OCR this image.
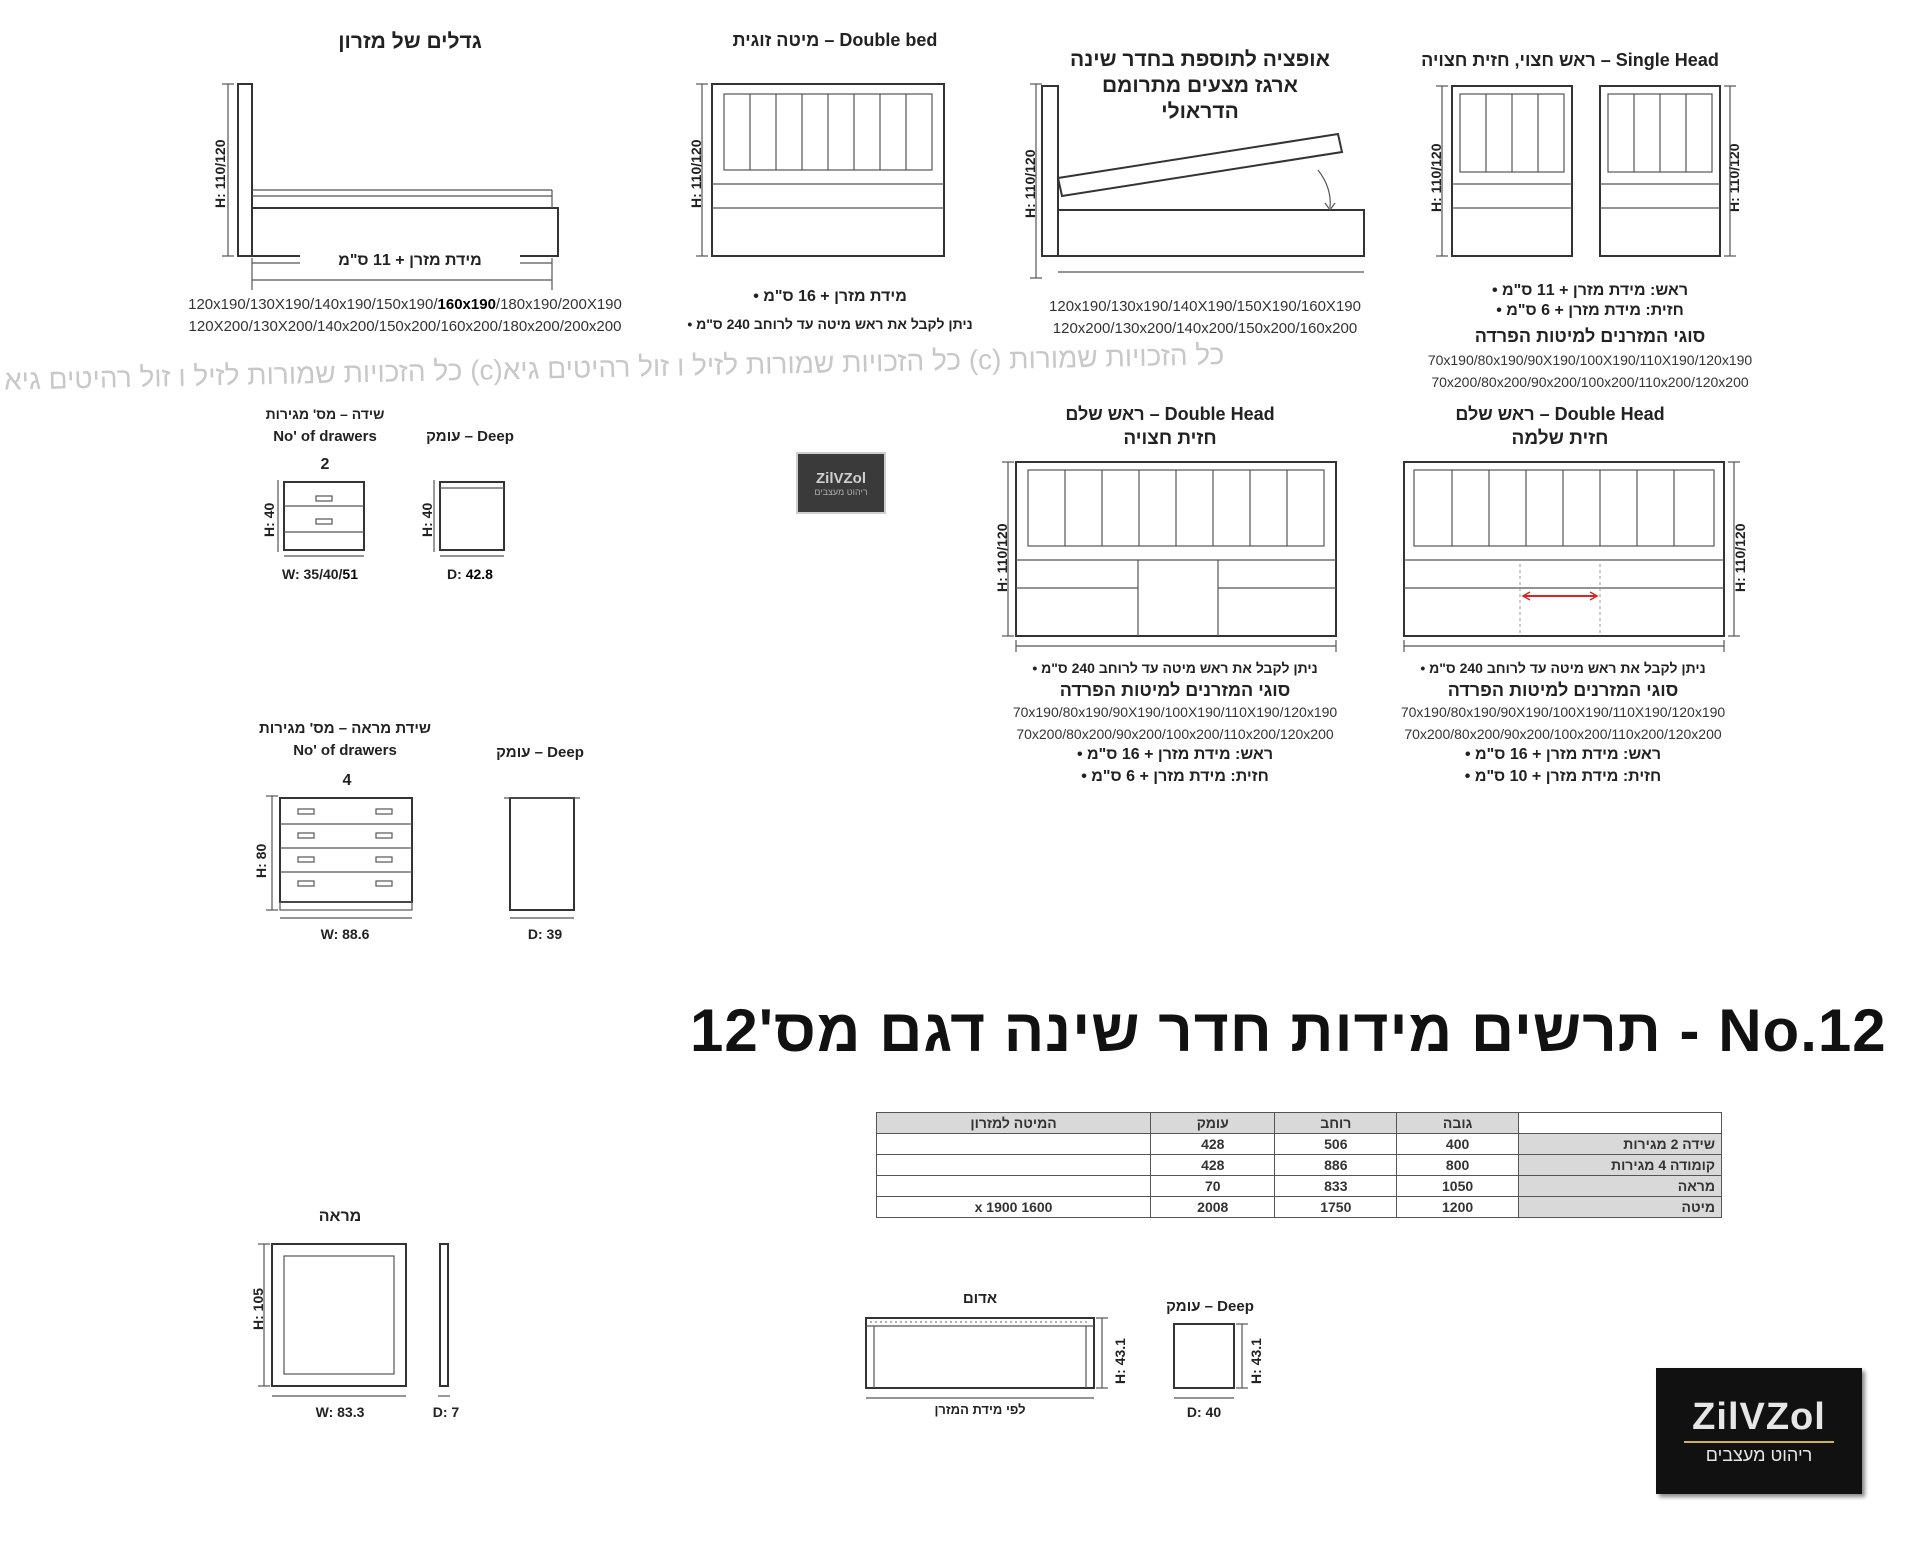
כל הזכויות שמורות לזיל ו זול רהיטים גיא (c)כל הזכויות שמורות לזיל ו זול רהיטים גיא (c) כל הזכויות שמורות
גדלים של מזרון
H: 110/120
מידת מזרן + 11 ס"מ
120x190/130X190/140x190/150x190/160x190/180x190/200X190
120X200/130X200/140x200/150x200/160x200/180x200/200x200
מיטה זוגית – Double bed
H: 110/120
• מידת מזרן + 16 ס"מ
• ניתן לקבל את ראש מיטה עד לרוחב 240 ס"מ
אופציה לתוספת בחדר שינה
ארגז מצעים מתרומם
הדראולי
H: 110/120
120x190/130x190/140X190/150X190/160X190
120x200/130x200/140x200/150x200/160x200
ראש חצוי, חזית חצויה – Single Head
H: 110/120	H: 110/120
• ראש: מידת מזרן + 11 ס"מ
• חזית: מידת מזרן + 6 ס"מ
סוגי המזרנים למיטות הפרדה
70x190/80x190/90X190/100X190/110X190/120x190
70x200/80x200/90x200/100x200/110x200/120x200
שידה – מס' מגירות
No' of drawers
2
עומק – Deep
H: 40	H: 40
W: 35/40/51	D: 42.8
ZilVZol
ריהוט מעצבים
ראש שלם – Double Head
חזית חצויה
H: 110/120
• ניתן לקבל את ראש מיטה עד לרוחב 240 ס"מ
סוגי המזרנים למיטות הפרדה
70x190/80x190/90X190/100X190/110X190/120x190
70x200/80x200/90x200/100x200/110x200/120x200
• ראש: מידת מזרן + 16 ס"מ
• חזית: מידת מזרן + 6 ס"מ
ראש שלם – Double Head
חזית שלמה
H: 110/120
• ניתן לקבל את ראש מיטה עד לרוחב 240 ס"מ
סוגי המזרנים למיטות הפרדה
70x190/80x190/90X190/100X190/110X190/120x190
70x200/80x200/90x200/100x200/110x200/120x200
• ראש: מידת מזרן + 16 ס"מ
• חזית: מידת מזרן + 10 ס"מ
שידת מראה – מס' מגירות
No' of drawers
4
עומק – Deep
H: 80
W: 88.6	D: 39
תרשים מידות חדר שינה דגם מס'12 - No.12
	גובה	רוחב	עומק	המיטה למזרון
שידה 2 מגירות	400	506	428	
קומודה 4 מגירות	800	886	428	
מראה	1050	833	70	
מיטה	1200	1750	2008	1600 x 1900
מראה
H: 105
W: 83.3	D: 7
אדום	עומק – Deep
H: 43.1	H: 43.1
לפי מידת המזרן	D: 40	ZilVZol
ריהוט מעצבים
